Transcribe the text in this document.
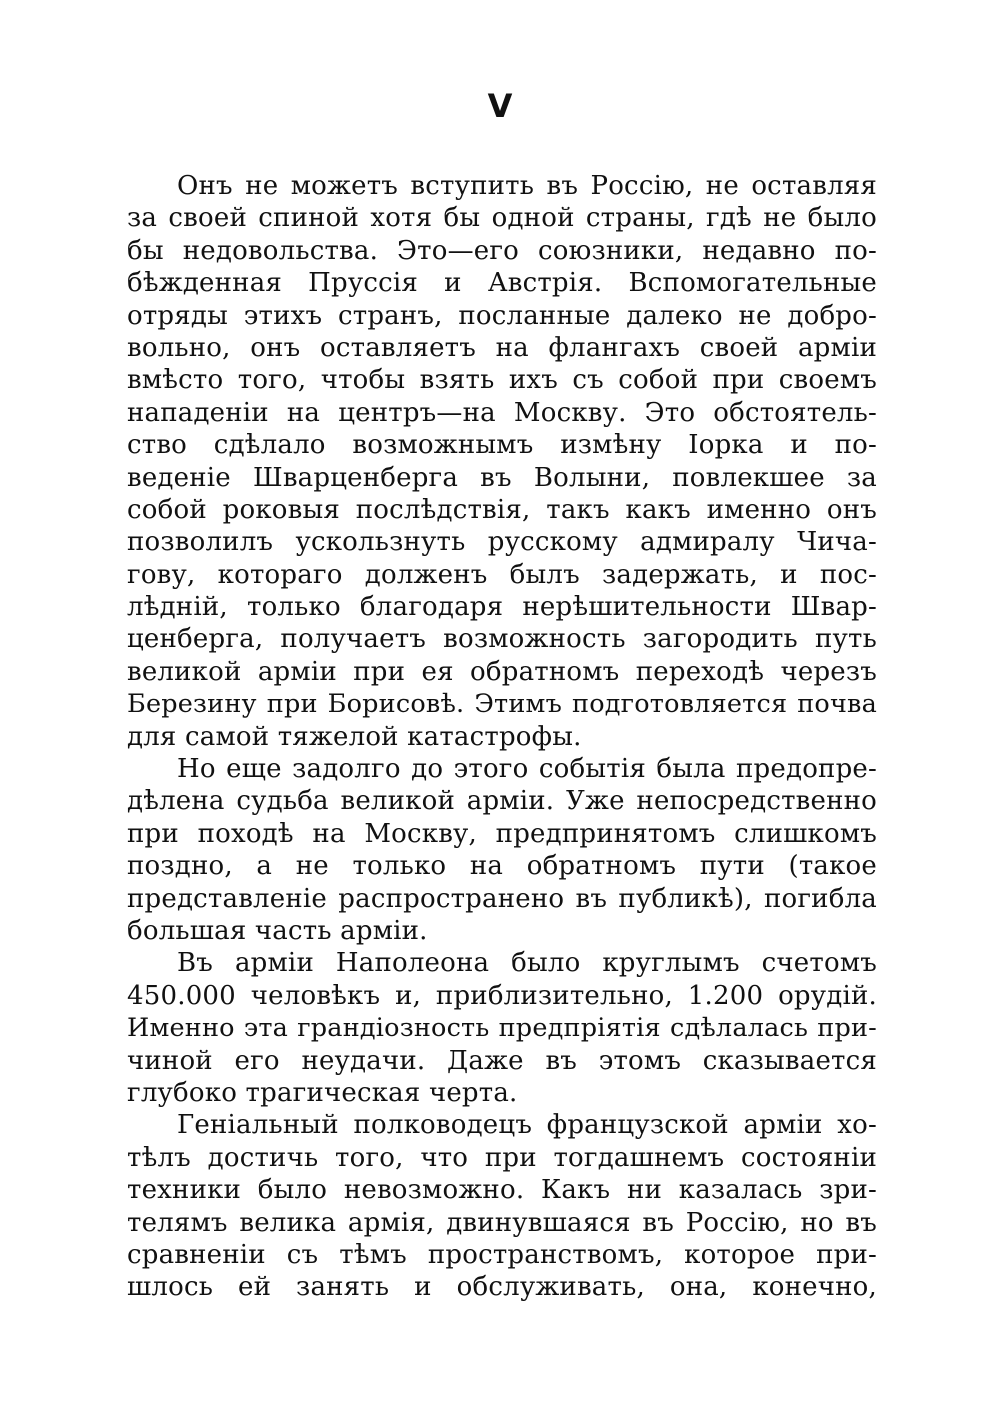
V
Онъ не можетъ вступить въ Россію, не оставляя
за своей спиной хотя бы одной страны, гдѣ не было
бы недовольства. Это—его союзники, недавно по-
бѣжденная Пруссія и Австрія. Вспомогательные
отряды этихъ странъ, посланные далеко не добро-
вольно, онъ оставляетъ на флангахъ своей арміи
вмѣсто того, чтобы взять ихъ съ собой при своемъ
нападеніи на центръ—на Москву. Это обстоятель-
ство сдѣлало возможнымъ измѣну Іорка и по-
веденіе Шварценберга въ Волыни, повлекшее за
собой роковыя послѣдствія, такъ какъ именно онъ
позволилъ ускользнуть русскому адмиралу Чича-
гову, котораго долженъ былъ задержать, и пос-
лѣдній, только благодаря нерѣшительности Швар-
ценберга, получаетъ возможность загородить путь
великой арміи при ея обратномъ переходѣ черезъ
Березину при Борисовѣ. Этимъ подготовляется почва
для самой тяжелой катастрофы.
Но еще задолго до этого событія была предопре-
дѣлена судьба великой арміи. Уже непосредственно
при походѣ на Москву, предпринятомъ слишкомъ
поздно, а не только на обратномъ пути (такое
представленіе распространено въ публикѣ), погибла
большая часть арміи.
Въ арміи Наполеона было круглымъ счетомъ
450.000 человѣкъ и, приблизительно, 1.200 орудій.
Именно эта грандіозность предпріятія сдѣлалась при-
чиной его неудачи. Даже въ этомъ сказывается
глубоко трагическая черта.
Геніальный полководецъ французской арміи хо-
тѣлъ достичь того, что при тогдашнемъ состояніи
техники было невозможно. Какъ ни казалась зри-
телямъ велика армія, двинувшаяся въ Россію, но въ
сравненіи съ тѣмъ пространствомъ, которое при-
шлось ей занять и обслуживать, она, конечно,
